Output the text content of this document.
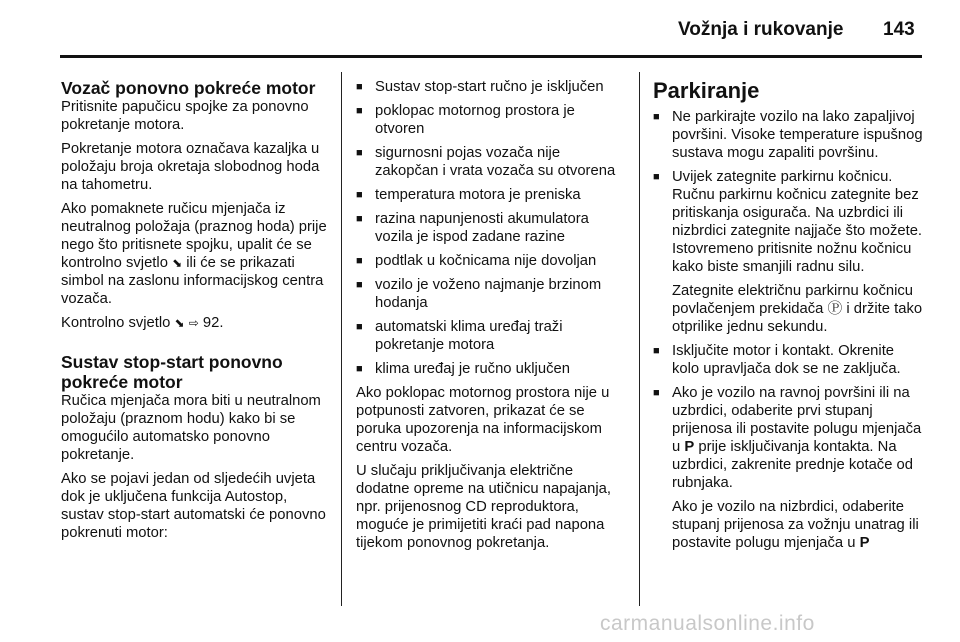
Vožnja i rukovanje 143
Vozač ponovno pokreće motor

Pritisnite papučicu spojke za ponovno pokretanje motora.

Pokretanje motora označava kazaljka u položaju broja okretaja slobodnog hoda na tahometru.

Ako pomaknete ručicu mjenjača iz neutralnog položaja (praznog hoda) prije nego što pritisnete spojku, upalit će se kontrolno svjetlo ⬊ ili će se prikazati simbol na zaslonu informacijskog centra vozača.

Kontrolno svjetlo ⬊ ⇨ 92.

Sustav stop-start ponovno pokreće motor

Ručica mjenjača mora biti u neutralnom položaju (praznom hodu) kako bi se omogućilo automatsko ponovno pokretanje.

Ako se pojavi jedan od sljedećih uvjeta dok je uključena funkcija Autostop, sustav stop-start automatski će ponovno pokrenuti motor:

■ Sustav stop-start ručno je isključen
■ poklopac motornog prostora je otvoren
■ sigurnosni pojas vozača nije zakopčan i vrata vozača su otvorena
■ temperatura motora je preniska
■ razina napunjenosti akumulatora vozila je ispod zadane razine
■ podtlak u kočnicama nije dovoljan
■ vozilo je voženo najmanje brzinom hodanja
■ automatski klima uređaj traži pokretanje motora
■ klima uređaj je ručno uključen

Ako poklopac motornog prostora nije u potpunosti zatvoren, prikazat će se poruka upozorenja na informacijskom centru vozača.

U slučaju priključivanja električne dodatne opreme na utičnicu napajanja, npr. prijenosnog CD reproduktora, moguće je primijetiti kraći pad napona tijekom ponovnog pokretanja.

Parkiranje
■ Ne parkirajte vozilo na lako zapaljivoj površini. Visoke temperature ispušnog sustava mogu zapaliti površinu.
■ Uvijek zategnite parkirnu kočnicu. Ručnu parkirnu kočnicu zategnite bez pritiskanja osigurača. Na uzbrdici ili nizbrdici zategnite najjače što možete. Istovremeno pritisnite nožnu kočnicu kako biste smanjili radnu silu.
Zategnite električnu parkirnu kočnicu povlačenjem prekidača Ⓟ i držite tako otprilike jednu sekundu.
■ Isključite motor i kontakt. Okrenite kolo upravljača dok se ne zaključa.
■ Ako je vozilo na ravnoj površini ili na uzbrdici, odaberite prvi stupanj prijenosa ili postavite polugu mjenjača u P prije isključivanja kontakta. Na uzbrdici, zakrenite prednje kotače od rubnjaka.
Ako je vozilo na nizbrdici, odaberite stupanj prijenosa za vožnju unatrag ili postavite polugu mjenjača u P
carmanualsonline.info
